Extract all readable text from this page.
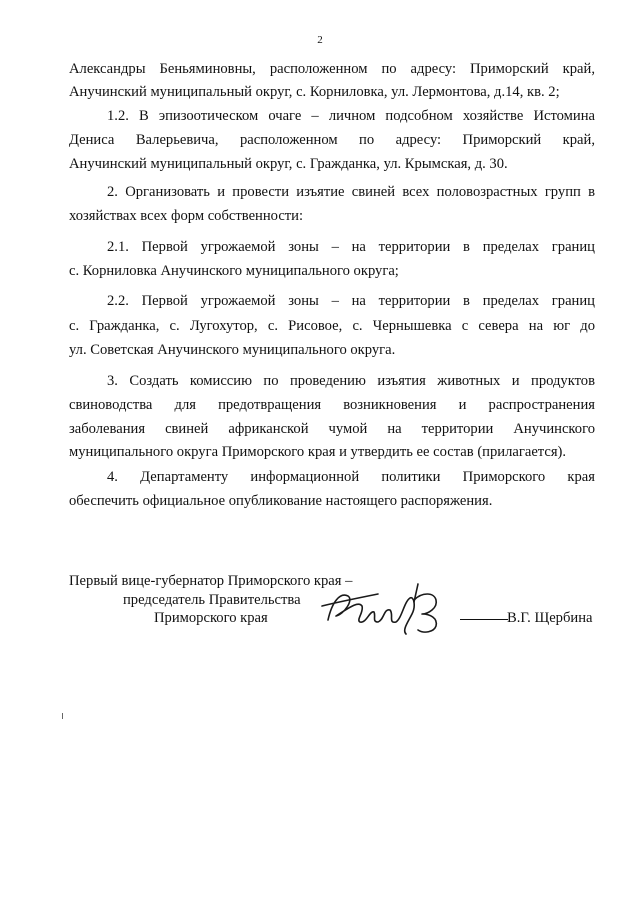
2
Александры Беньяминовны, расположенном по адресу: Приморский край,
Анучинский муниципальный округ, с. Корниловка, ул. Лермонтова, д.14, кв. 2;
1.2. В эпизоотическом очаге – личном подсобном хозяйстве Истомина
Дениса Валерьевича, расположенном по адресу: Приморский край,
Анучинский муниципальный округ, с. Гражданка, ул. Крымская, д. 30.
2. Организовать и провести изъятие свиней всех половозрастных групп в
хозяйствах всех форм собственности:
2.1. Первой угрожаемой зоны – на территории в пределах границ
с. Корниловка Анучинского муниципального округа;
2.2. Первой угрожаемой зоны – на территории в пределах границ
с. Гражданка, с. Лугохутор, с. Рисовое, с. Чернышевка с севера на юг до
ул. Советская Анучинского муниципального округа.
3. Создать комиссию по проведению изъятия животных и продуктов
свиноводства для предотвращения возникновения и распространения
заболевания свиней африканской чумой на территории Анучинского
муниципального округа Приморского края и утвердить ее состав (прилагается).
4. Департаменту информационной политики Приморского края
обеспечить официальное опубликование настоящего распоряжения.
Первый вице-губернатор Приморского края –
председатель Правительства
Приморского края	В.Г. Щербина
